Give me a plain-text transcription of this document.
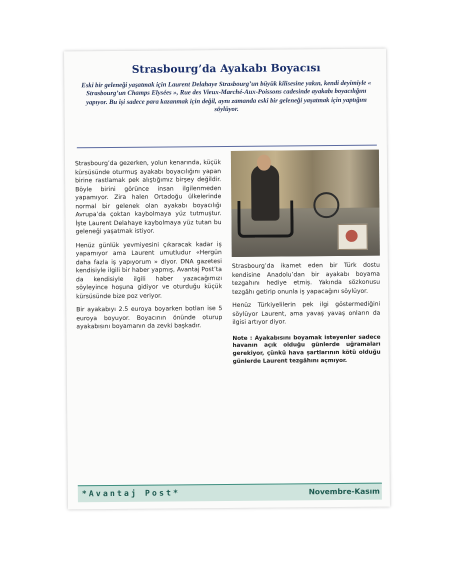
Strasbourg’da Ayakabı Boyacısı
Eski bir geleneği yaşatmak için Laurent Delahaye Strasbourg’un büyük kilisesine yakın, kendi deyimiyle « Strasbourg’un Champs Elysées », Rue des Vieux-Marché-Aux-Poissons cadesinde ayakabı boyacılığını yapıyor. Bu işi sadece para kazanmak için değil, aynı zamanda eski bir geleneği yaşatmak için yaptığını söylüyor.

Strasbourg’da gezerken, yolun kenarında, küçük kürsüsünde oturmuş ayakabı boyacılığını yapan birine rastlamak pek alıştığımız birşey değildir. Böyle birini görünce insan ilgilenmeden yapamıyor. Zira halen Ortadoğu ülkelerinde normal bir gelenek olan ayakabı boyacılığı Avrupa’da çoktan kaybolmaya yüz tutmuştur. İşte Laurent Delahaye kaybolmaya yüz tutan bu geleneği yaşatmak istiyor.

Henüz günlük yevmiyesini çıkaracak kadar iş yapamıyor ama Laurent umutludur «Hergün daha fazla iş yapıyorum » diyor. DNA gazetesi kendisiyle ilgili bir haber yapmış, Avantaj Post’ta da kendisiyle ilgili haber yazacağımızı söyleyince hoşuna gidiyor ve oturduğu küçük kürsüsünde bize poz veriyor.

Bir ayakabıyı 2.5 euroya boyarken botları ise 5 euroya boyuyor. Boyacının önünde oturup ayakabısını boyamanın da zevki başkadır.

Strasbourg’da ikamet eden bir Türk dostu kendisine Anadolu’dan bir ayakabı boyama tezgahını hediye etmiş. Yakında sözkonusu tezgâhı getirip onunla iş yapacağını söylüyor.

Henüz Türkiyelilerin pek ilgi göstermediğini söylüyor Laurent, ama yavaş yavaş onların da ilgisi artıyor diyor.

Note : Ayakabısını boyamak isteyenler sadece havanın açık olduğu günlerde uğramaları gerekiyor, çünkü hava şartlarının kötü olduğu günlerde Laurent tezgâhını açmıyor.

*Avantaj Post*	Novembre-Kasım
